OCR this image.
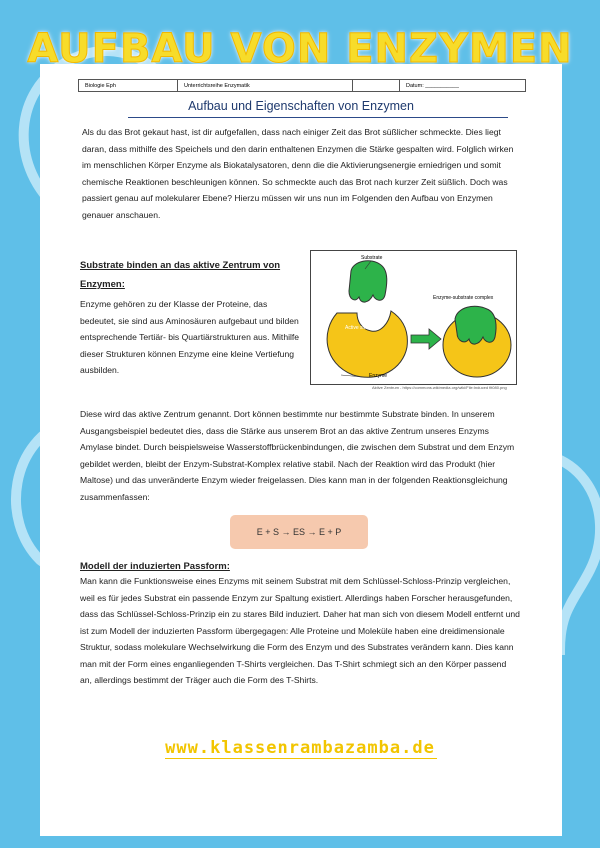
AUFBAU VON ENZYMEN
Biologie Eph	Unterrichtsreihe Enzymatik	Datum: ___________
Aufbau und Eigenschaften von Enzymen
Als du das Brot gekaut hast, ist dir aufgefallen, dass nach einiger Zeit das Brot süßlicher schmeckte. Dies liegt daran, dass mithilfe des Speichels und den darin enthaltenen Enzymen die Stärke gespalten wird. Folglich wirken im menschlichen Körper Enzyme als Biokatalysatoren, denn die die Aktivierungsenergie erniedrigen und somit chemische Reaktionen beschleunigen können. So schmeckte auch das Brot nach kurzer Zeit süßlich. Doch was passiert genau auf molekularer Ebene? Hierzu müssen wir uns nun im Folgenden den Aufbau von Enzymen genauer anschauen.
Substrate binden an das aktive Zentrum von Enzymen:
Enzyme gehören zu der Klasse der Proteine, das bedeutet, sie sind aus Aminosäuren aufgebaut und bilden entsprechende Tertiär- bis Quartiärstrukturen aus. Mithilfe dieser Strukturen können Enzyme eine kleine Vertiefung ausbilden.
Substrate
Active site
Enzyme-substrate complex
Enzyme
Aktive Zentrum - https://commons.wikimedia.org/wiki/File:Induced fit080.png
Diese wird das aktive Zentrum genannt. Dort können bestimmte nur bestimmte Substrate binden. In unserem Ausgangsbeispiel bedeutet dies, dass die Stärke aus unserem Brot an das aktive Zentrum unseres Enzyms Amylase bindet. Durch beispielsweise Wasserstoffbrückenbindungen, die zwischen dem Substrat und dem Enzym gebildet werden, bleibt der Enzym-Substrat-Komplex relative stabil. Nach der Reaktion wird das Produkt (hier Maltose) und das unveränderte Enzym wieder freigelassen. Dies kann man in der folgenden Reaktionsgleichung zusammenfassen:
E + S → ES → E + P
Modell der induzierten Passform:
Man kann die Funktionsweise eines Enzyms mit seinem Substrat mit dem Schlüssel-Schloss-Prinzip vergleichen, weil es für jedes Substrat ein passende Enzym zur Spaltung existiert. Allerdings haben Forscher herausgefunden, dass das Schlüssel-Schloss-Prinzip ein zu stares Bild induziert. Daher hat man sich von diesem Modell entfernt und ist zum Modell der induzierten Passform übergegagen: Alle Proteine und Moleküle haben eine dreidimensionale Struktur, sodass molekulare Wechselwirkung die Form des Enzym und des Substrates verändern kann. Dies kann man mit der Form eines enganliegenden T-Shirts vergleichen. Das T-Shirt schmiegt sich an den Körper passend an, allerdings bestimmt der Träger auch die Form des T-Shirts.
www.klassenrambazamba.de
